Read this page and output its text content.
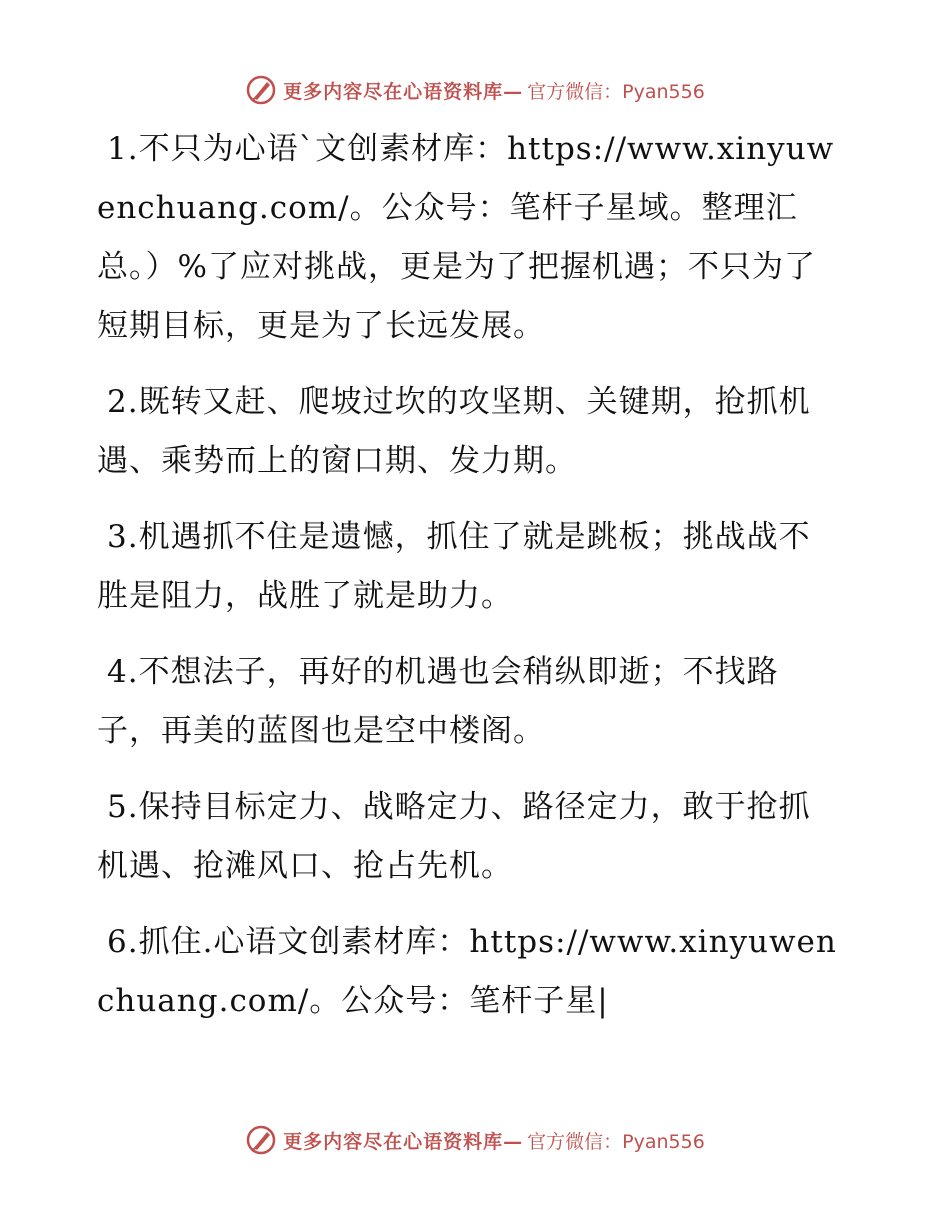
更多内容尽在心语资料库— 官方微信：Pyan556
1.不只为心语`文创素材库：https://www.xinyuwenchuang.com/。公众号：笔杆子星域。整理汇总。）%了应对挑战，更是为了把握机遇；不只为了短期目标，更是为了长远发展。
2.既转又赶、爬坡过坎的攻坚期、关键期，抢抓机遇、乘势而上的窗口期、发力期。
3.机遇抓不住是遗憾，抓住了就是跳板；挑战战不胜是阻力，战胜了就是助力。
4.不想法子，再好的机遇也会稍纵即逝；不找路子，再美的蓝图也是空中楼阁。
5.保持目标定力、战略定力、路径定力，敢于抢抓机遇、抢滩风口、抢占先机。
6.抓住.心语文创素材库：https://www.xinyuwenchuang.com/。公众号：笔杆子星|
更多内容尽在心语资料库— 官方微信：Pyan556
